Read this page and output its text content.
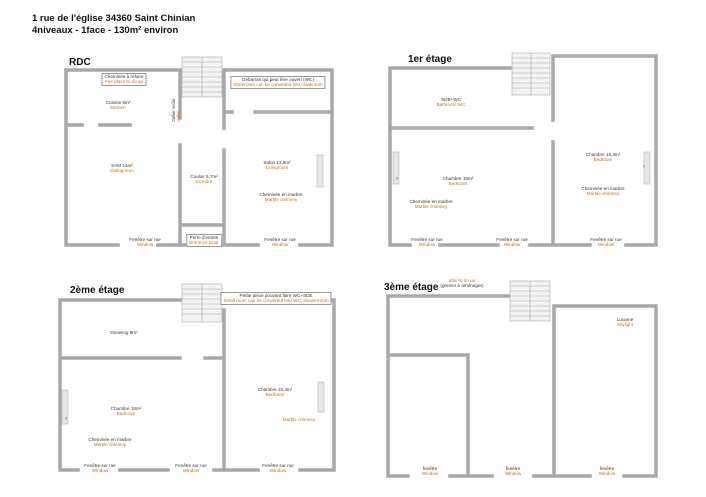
1 rue de l'église 34360 Saint Chinian
4niveaux - 1face - 130m² environ
RDC
Cheminée à refaire
Fire place to do up
Cuisine 9m²
Kitchen
SAM 14m²
Diningroom
Couloir 5,7m²
Corridor
Porte d'entrée
Entrance Door
Débarras qui peut être ouvert (WC)
Storeroom can be converted into cloakroom
Salon 13,5m²
Livingroom
Cheminée en marbre
Marble chimney
Fenêtre sur rue
Window
Fenêtre sur rue
Window
Cellier voûté Cellar
1er étage
SDB+WC
Bathroom WC
Chambre 18m²
Bedroom
Chambre 15,4m²
Bedroom
Cheminée en marbre
Marble chimney
Cheminée en marbre
Marble chimney
Fenêtre sur rue
Window
Fenêtre sur rue
Window
Fenêtre sur rue
Window
›
‹
2ème étage	Petite pièce pouvant faire WC+SDE
Small room can be converted into WC, showerroom
Dressing 6m²
Chambre 18m²
Bedroom
Chambre 15,4m²
Bedroom
Cheminée en marbre
Marble chimney
Marble chimney
Fenêtre sur rue
Window
Fenêtre sur rue
Window
Fenêtre sur rue
Window
›
3ème étage
attic to do up
(grenier à aménager)
Lucarne
Skylight
fenêtre
Window
fenêtre
Window
fenêtre
Window
